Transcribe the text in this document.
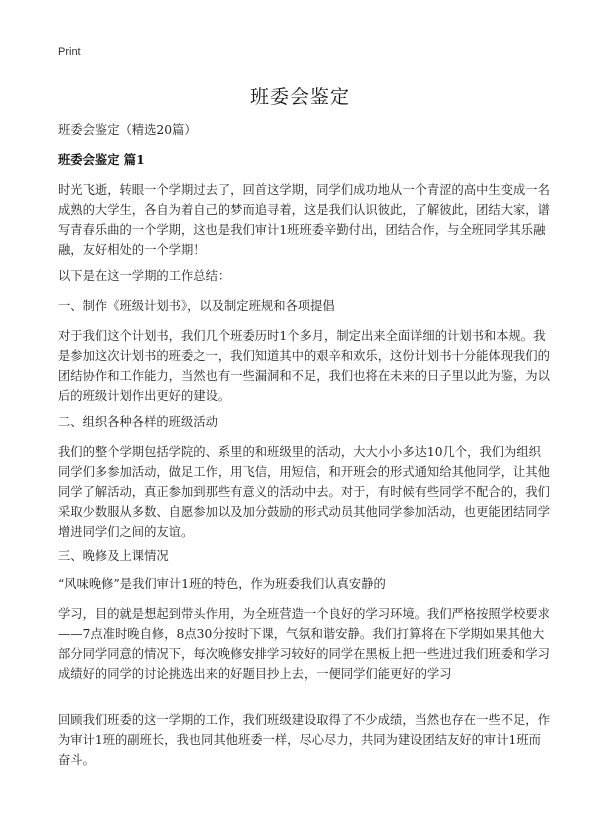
Print
班委会鉴定

班委会鉴定（精选20篇）

班委会鉴定 篇1

时光飞逝，转眼一个学期过去了，回首这学期，同学们成功地从一个青涩的高中生变成一名成熟的大学生，各自为着自己的梦而追寻着，这是我们认识彼此，了解彼此，团结大家，谱写青春乐曲的一个学期，这也是我们审计1班班委辛勤付出，团结合作，与全班同学其乐融融，友好相处的一个学期！

以下是在这一学期的工作总结：

一、制作《班级计划书》，以及制定班规和各项提倡

对于我们这个计划书，我们几个班委历时1个多月，制定出来全面详细的计划书和本规。我是参加这次计划书的班委之一，我们知道其中的艰辛和欢乐，这份计划书十分能体现我们的团结协作和工作能力，当然也有一些漏洞和不足，我们也将在未来的日子里以此为鉴，为以后的班级计划作出更好的建设。

二、组织各种各样的班级活动

我们的整个学期包括学院的、系里的和班级里的活动，大大小小多达10几个，我们为组织同学们多参加活动，做足工作，用飞信，用短信，和开班会的形式通知给其他同学，让其他同学了解活动，真正参加到那些有意义的活动中去。对于，有时候有些同学不配合的，我们采取少数服从多数、自愿参加以及加分鼓励的形式动员其他同学参加活动，也更能团结同学增进同学们之间的友谊。

三、晚修及上课情况

“风味晚修”是我们审计1班的特色，作为班委我们认真安静的

学习，目的就是想起到带头作用，为全班营造一个良好的学习环境。我们严格按照学校要求——7点准时晚自修，8点30分按时下课，气氛和谐安静。我们打算将在下学期如果其他大部分同学同意的情况下，每次晚修安排学习较好的同学在黑板上把一些进过我们班委和学习成绩好的同学的讨论挑选出来的好题目抄上去，一便同学们能更好的学习

回顾我们班委的这一学期的工作，我们班级建设取得了不少成绩，当然也存在一些不足，作为审计1班的副班长，我也同其他班委一样，尽心尽力，共同为建设团结友好的审计1班而奋斗。
